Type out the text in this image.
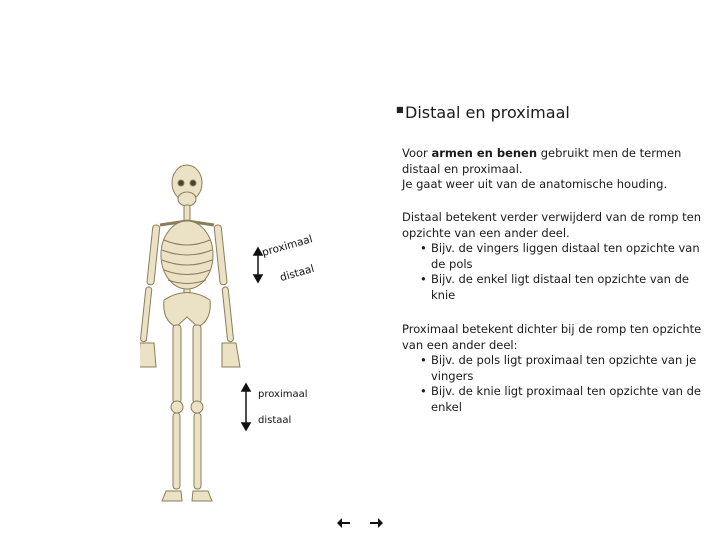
■ Distaal en proximaal
Voor armen en benen gebruikt men de termen distaal en proximaal.
Je gaat weer uit van de anatomische houding.
Distaal betekent verder verwijderd van de romp ten opzichte van een ander deel.
• Bijv. de vingers liggen distaal ten opzichte van de pols
• Bijv. de enkel ligt distaal ten opzichte van de knie
Proximaal betekent dichter bij de romp ten opzichte van een ander deel:
• Bijv. de pols ligt proximaal ten opzichte van je vingers
• Bijv. de knie ligt proximaal ten opzichte van de enkel
proximaal
distaal
proximaal
distaal
